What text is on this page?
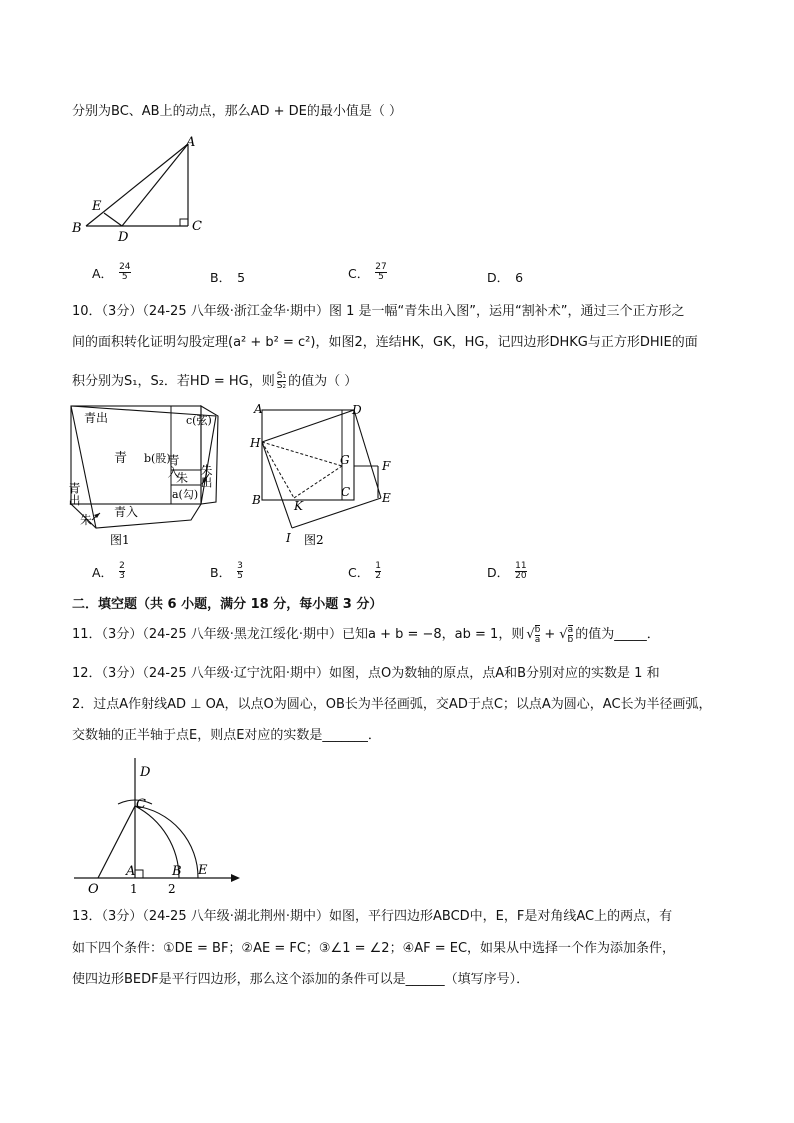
分别为BC、AB上的动点，那么AD + DE的最小值是（ ）
A
B	C
D
E
A． $\frac{24}{5}$	B． 5	C． $\frac{27}{5}$	D． 6
10．（3分）（24-25 八年级·浙江金华·期中）图 1 是一幅“青朱出入图”，运用“割补术”，通过三个正方形之
间的面积转化证明勾股定理(a² + b² = c²)，如图2，连结HK，GK，HG，记四边形DHKG与正方形DHIE的面
积分别为S₁，S₂．若HD = HG，则 $\frac{\text{S₁}}{\text{S₂}}$ 的值为（ ）
青出
青 b(股)
c(弦)
青入
朱 朱出
a(勾)
青出
朱
青入
图1
A	D
H
G	F
C
B	K
E
I 图2
A． $\frac{2}{3}$	B． $\frac{3}{5}$	C． $\frac{1}{2}$	D． $\frac{11}{20}$
二．填空题（共 6 小题，满分 18 分，每小题 3 分）
11．（3分）（24-25 八年级·黑龙江绥化·期中）已知a + b = −8，ab = 1，则 √ $\frac{b}{a}$ + √ $\frac{a}{b}$ 的值为_____．
12．（3分）（24-25 八年级·辽宁沈阳·期中）如图，点O为数轴的原点，点A和B分别对应的实数是 1 和
2．过点A作射线AD ⊥ OA，以点O为圆心，OB长为半径画弧，交AD于点C；以点A为圆心，AC长为半径画弧，
交数轴的正半轴于点E，则点E对应的实数是_______．
D
C
A	B E
O	1	2
13．（3分）（24-25 八年级·湖北荆州·期中）如图，平行四边形ABCD中，E，F是对角线AC上的两点，有
如下四个条件：①DE = BF；②AE = FC；③∠1 = ∠2；④AF = EC，如果从中选择一个作为添加条件，
使四边形BEDF是平行四边形，那么这个添加的条件可以是______（填写序号）．
